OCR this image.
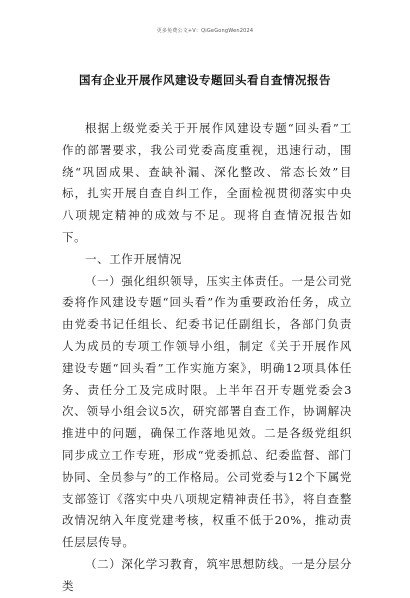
更多免费公文+V：QiGeGongWen2024
国有企业开展作风建设专题回头看自查情况报告

根据上级党委关于开展作风建设专题“回头看”工作的部署要求，我公司党委高度重视，迅速行动，围绕“巩固成果、查缺补漏、深化整改、常态长效”目标，扎实开展自查自纠工作，全面检视贯彻落实中央八项规定精神的成效与不足。现将自查情况报告如下。

一、工作开展情况

（一）强化组织领导，压实主体责任。一是公司党委将作风建设专题“回头看”作为重要政治任务，成立由党委书记任组长、纪委书记任副组长，各部门负责人为成员的专项工作领导小组，制定《关于开展作风建设专题“回头看”工作实施方案》，明确12项具体任务、责任分工及完成时限。上半年召开专题党委会3次、领导小组会议5次，研究部署自查工作，协调解决推进中的问题，确保工作落地见效。二是各级党组织同步成立工作专班，形成“党委抓总、纪委监督、部门协同、全员参与”的工作格局。公司党委与12个下属党支部签订《落实中央八项规定精神责任书》，将自查整改情况纳入年度党建考核，权重不低于20%，推动责任层层传导。

（二）深化学习教育，筑牢思想防线。一是分层分类
